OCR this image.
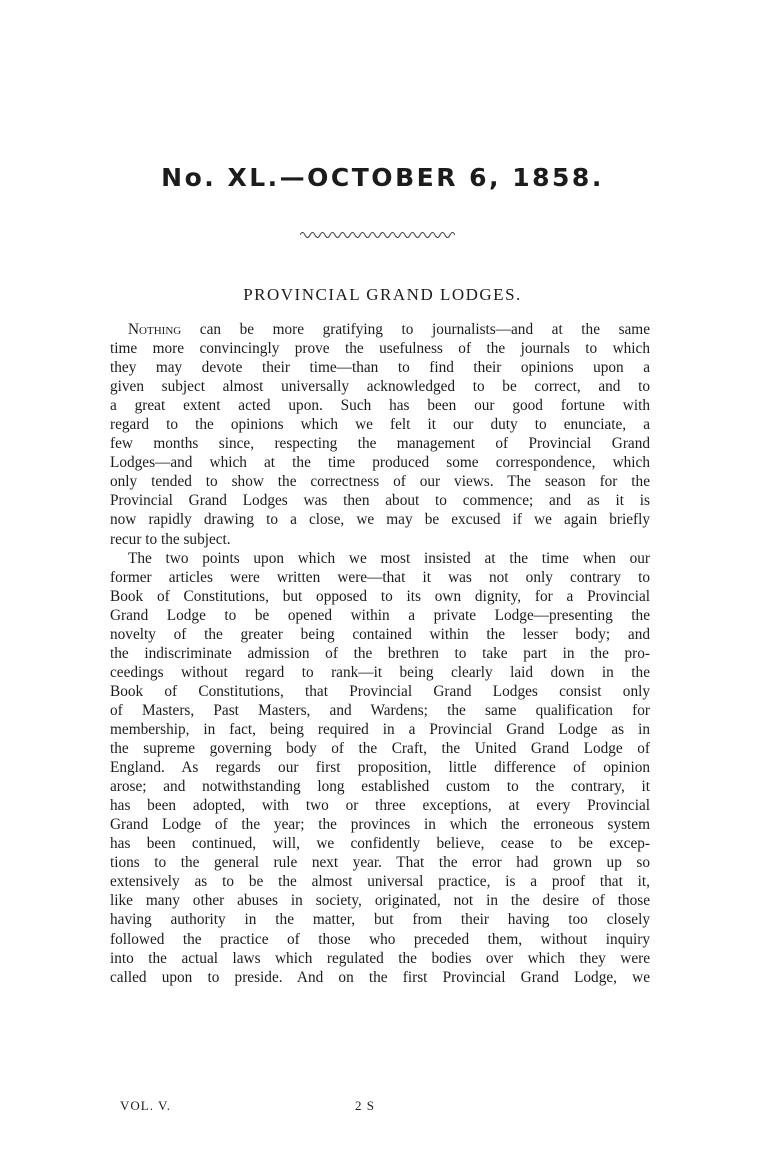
No. XL.—OCTOBER 6, 1858.
PROVINCIAL GRAND LODGES.
Nothing can be more gratifying to journalists—and at the same
time more convincingly prove the usefulness of the journals to which
they may devote their time—than to find their opinions upon a
given subject almost universally acknowledged to be correct, and to
a great extent acted upon. Such has been our good fortune with
regard to the opinions which we felt it our duty to enunciate, a
few months since, respecting the management of Provincial Grand
Lodges—and which at the time produced some correspondence, which
only tended to show the correctness of our views. The season for the
Provincial Grand Lodges was then about to commence; and as it is
now rapidly drawing to a close, we may be excused if we again briefly
recur to the subject.
The two points upon which we most insisted at the time when our
former articles were written were—that it was not only contrary to
Book of Constitutions, but opposed to its own dignity, for a Provincial
Grand Lodge to be opened within a private Lodge—presenting the
novelty of the greater being contained within the lesser body; and
the indiscriminate admission of the brethren to take part in the pro-
ceedings without regard to rank—it being clearly laid down in the
Book of Constitutions, that Provincial Grand Lodges consist only
of Masters, Past Masters, and Wardens; the same qualification for
membership, in fact, being required in a Provincial Grand Lodge as in
the supreme governing body of the Craft, the United Grand Lodge of
England. As regards our first proposition, little difference of opinion
arose; and notwithstanding long established custom to the contrary, it
has been adopted, with two or three exceptions, at every Provincial
Grand Lodge of the year; the provinces in which the erroneous system
has been continued, will, we confidently believe, cease to be excep-
tions to the general rule next year. That the error had grown up so
extensively as to be the almost universal practice, is a proof that it,
like many other abuses in society, originated, not in the desire of those
having authority in the matter, but from their having too closely
followed the practice of those who preceded them, without inquiry
into the actual laws which regulated the bodies over which they were
called upon to preside. And on the first Provincial Grand Lodge, we
VOL. V.	2 S
